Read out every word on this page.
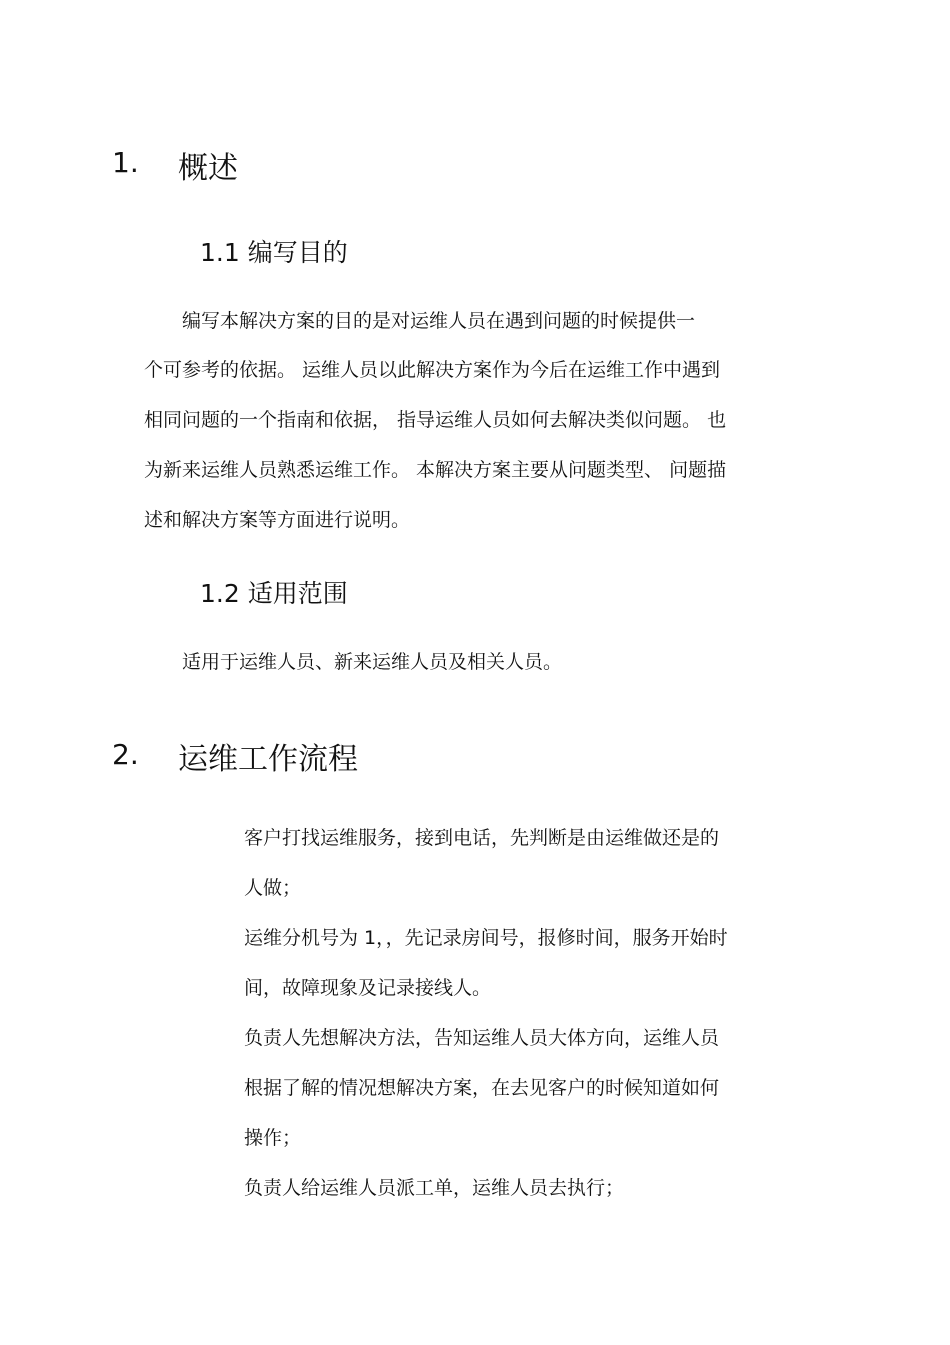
1. 概述
1.1 编写目的
编写本解决方案的目的是对运维人员在遇到问题的时候提供一
个可参考的依据。 运维人员以此解决方案作为今后在运维工作中遇到
相同问题的一个指南和依据， 指导运维人员如何去解决类似问题。 也
为新来运维人员熟悉运维工作。 本解决方案主要从问题类型、 问题描
述和解决方案等方面进行说明。
1.2 适用范围
适用于运维人员、新来运维人员及相关人员。
2. 运维工作流程
客户打找运维服务，接到电话，先判断是由运维做还是的
人做；
运维分机号为 1，，先记录房间号，报修时间，服务开始时
间，故障现象及记录接线人。
负责人先想解决方法，告知运维人员大体方向，运维人员
根据了解的情况想解决方案，在去见客户的时候知道如何
操作；
负责人给运维人员派工单，运维人员去执行；
